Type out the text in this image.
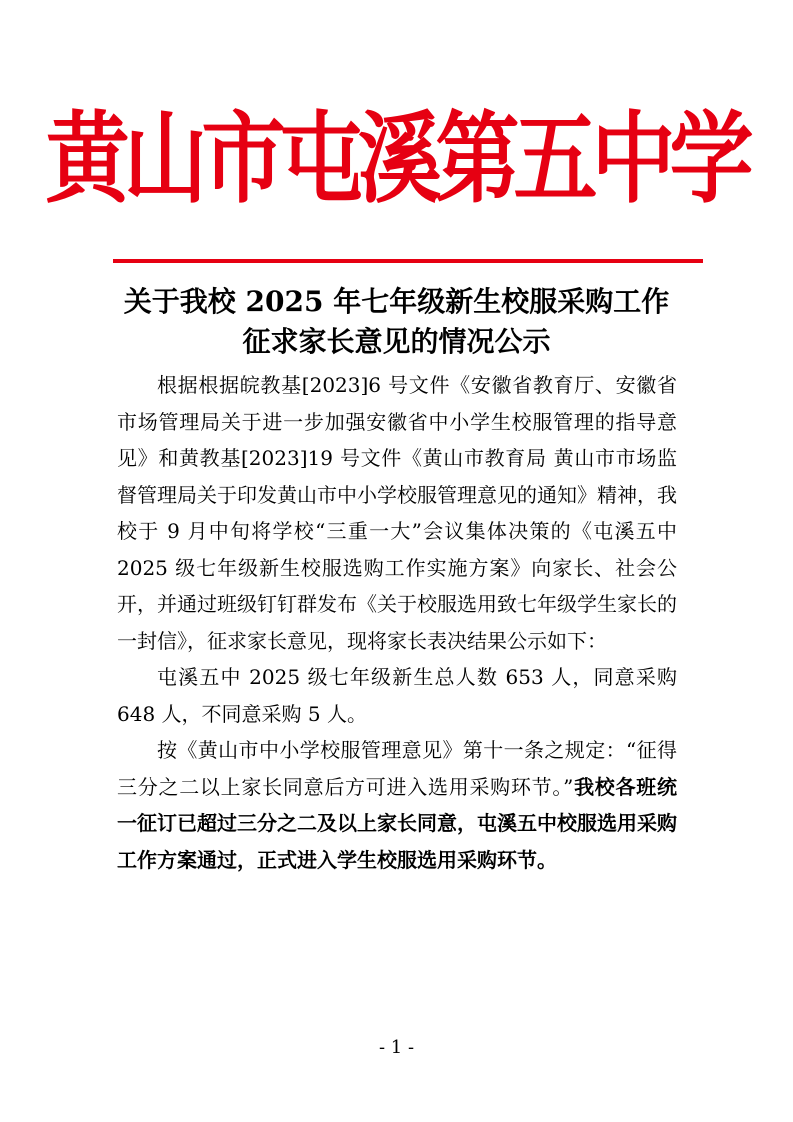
黄山市屯溪第五中学
关于我校 2025 年七年级新生校服采购工作
征求家长意见的情况公示

根据根据皖教基[2023]6 号文件《安徽省教育厅、安徽省市场管理局关于进一步加强安徽省中小学生校服管理的指导意见》和黄教基[2023]19 号文件《黄山市教育局 黄山市市场监督管理局关于印发黄山市中小学校服管理意见的通知》精神，我校于 9 月中旬将学校“三重一大”会议集体决策的《屯溪五中 2025 级七年级新生校服选购工作实施方案》向家长、社会公开，并通过班级钉钉群发布《关于校服选用致七年级学生家长的一封信》，征求家长意见，现将家长表决结果公示如下：

屯溪五中 2025 级七年级新生总人数 653 人，同意采购 648 人，不同意采购 5 人。

按《黄山市中小学校服管理意见》第十一条之规定：“征得三分之二以上家长同意后方可进入选用采购环节。”我校各班统一征订已超过三分之二及以上家长同意，屯溪五中校服选用采购工作方案通过，正式进入学生校服选用采购环节。

- 1 -
